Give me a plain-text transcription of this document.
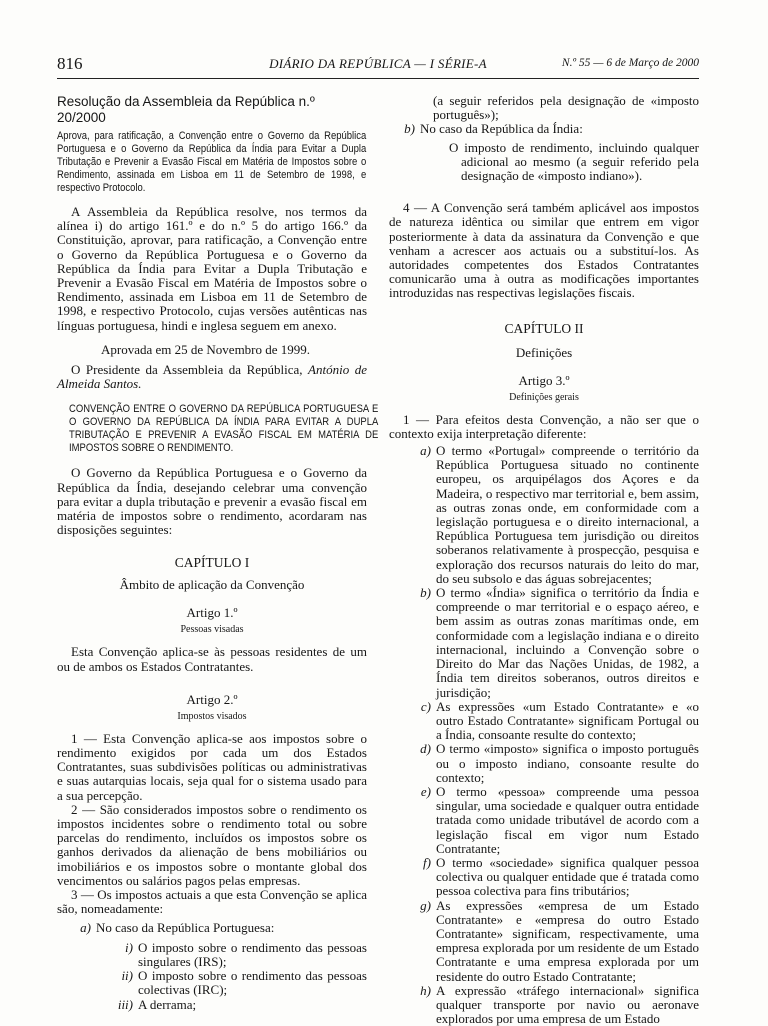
816	DIÁRIO DA REPÚBLICA — I SÉRIE-A	N.º 55 — 6 de Março de 2000

Resolução da Assembleia da República n.º 20/2000

Aprova, para ratificação, a Convenção entre o Governo da República Portuguesa e o Governo da República da Índia para Evitar a Dupla Tributação e Prevenir a Evasão Fiscal em Matéria de Impostos sobre o Rendimento, assinada em Lisboa em 11 de Setembro de 1998, e respectivo Protocolo.

A Assembleia da República resolve, nos termos da alínea i) do artigo 161.º e do n.º 5 do artigo 166.º da Constituição, aprovar, para ratificação, a Convenção entre o Governo da República Portuguesa e o Governo da República da Índia para Evitar a Dupla Tributação e Prevenir a Evasão Fiscal em Matéria de Impostos sobre o Rendimento, assinada em Lisboa em 11 de Setembro de 1998, e respectivo Protocolo, cujas versões autênticas nas línguas portuguesa, hindi e inglesa seguem em anexo.

Aprovada em 25 de Novembro de 1999.

O Presidente da Assembleia da República, António de Almeida Santos.

CONVENÇÃO ENTRE O GOVERNO DA REPÚBLICA PORTUGUESA E O GOVERNO DA REPÚBLICA DA ÍNDIA PARA EVITAR A DUPLA TRIBUTAÇÃO E PREVENIR A EVASÃO FISCAL EM MATÉRIA DE IMPOSTOS SOBRE O RENDIMENTO.

O Governo da República Portuguesa e o Governo da República da Índia, desejando celebrar uma convenção para evitar a dupla tributação e prevenir a evasão fiscal em matéria de impostos sobre o rendimento, acordaram nas disposições seguintes:

CAPÍTULO I

Âmbito de aplicação da Convenção

Artigo 1.º

Pessoas visadas

Esta Convenção aplica-se às pessoas residentes de um ou de ambos os Estados Contratantes.

Artigo 2.º

Impostos visados

1 — Esta Convenção aplica-se aos impostos sobre o rendimento exigidos por cada um dos Estados Contratantes, suas subdivisões políticas ou administrativas e suas autarquias locais, seja qual for o sistema usado para a sua percepção.

2 — São considerados impostos sobre o rendimento os impostos incidentes sobre o rendimento total ou sobre parcelas do rendimento, incluídos os impostos sobre os ganhos derivados da alienação de bens mobiliários ou imobiliários e os impostos sobre o montante global dos vencimentos ou salários pagos pelas empresas.

3 — Os impostos actuais a que esta Convenção se aplica são, nomeadamente:

a) No caso da República Portuguesa:
i) O imposto sobre o rendimento das pessoas singulares (IRS);
ii) O imposto sobre o rendimento das pessoas colectivas (IRC);
iii) A derrama;

(a seguir referidos pela designação de «imposto português»);

b) No caso da República da Índia:

O imposto de rendimento, incluindo qualquer adicional ao mesmo (a seguir referido pela designação de «imposto indiano»).

4 — A Convenção será também aplicável aos impostos de natureza idêntica ou similar que entrem em vigor posteriormente à data da assinatura da Convenção e que venham a acrescer aos actuais ou a substituí-los. As autoridades competentes dos Estados Contratantes comunicarão uma à outra as modificações importantes introduzidas nas respectivas legislações fiscais.

CAPÍTULO II

Definições

Artigo 3.º

Definições gerais

1 — Para efeitos desta Convenção, a não ser que o contexto exija interpretação diferente:

a) O termo «Portugal» compreende o território da República Portuguesa situado no continente europeu, os arquipélagos dos Açores e da Madeira, o respectivo mar territorial e, bem assim, as outras zonas onde, em conformidade com a legislação portuguesa e o direito internacional, a República Portuguesa tem jurisdição ou direitos soberanos relativamente à prospecção, pesquisa e exploração dos recursos naturais do leito do mar, do seu subsolo e das águas sobrejacentes;
b) O termo «Índia» significa o território da Índia e compreende o mar territorial e o espaço aéreo, e bem assim as outras zonas marítimas onde, em conformidade com a legislação indiana e o direito internacional, incluindo a Convenção sobre o Direito do Mar das Nações Unidas, de 1982, a Índia tem direitos soberanos, outros direitos e jurisdição;
c) As expressões «um Estado Contratante» e «o outro Estado Contratante» significam Portugal ou a Índia, consoante resulte do contexto;
d) O termo «imposto» significa o imposto português ou o imposto indiano, consoante resulte do contexto;
e) O termo «pessoa» compreende uma pessoa singular, uma sociedade e qualquer outra entidade tratada como unidade tributável de acordo com a legislação fiscal em vigor num Estado Contratante;
f) O termo «sociedade» significa qualquer pessoa colectiva ou qualquer entidade que é tratada como pessoa colectiva para fins tributários;
g) As expressões «empresa de um Estado Contratante» e «empresa do outro Estado Contratante» significam, respectivamente, uma empresa explorada por um residente de um Estado Contratante e uma empresa explorada por um residente do outro Estado Contratante;
h) A expressão «tráfego internacional» significa qualquer transporte por navio ou aeronave explorados por uma empresa de um Estado
